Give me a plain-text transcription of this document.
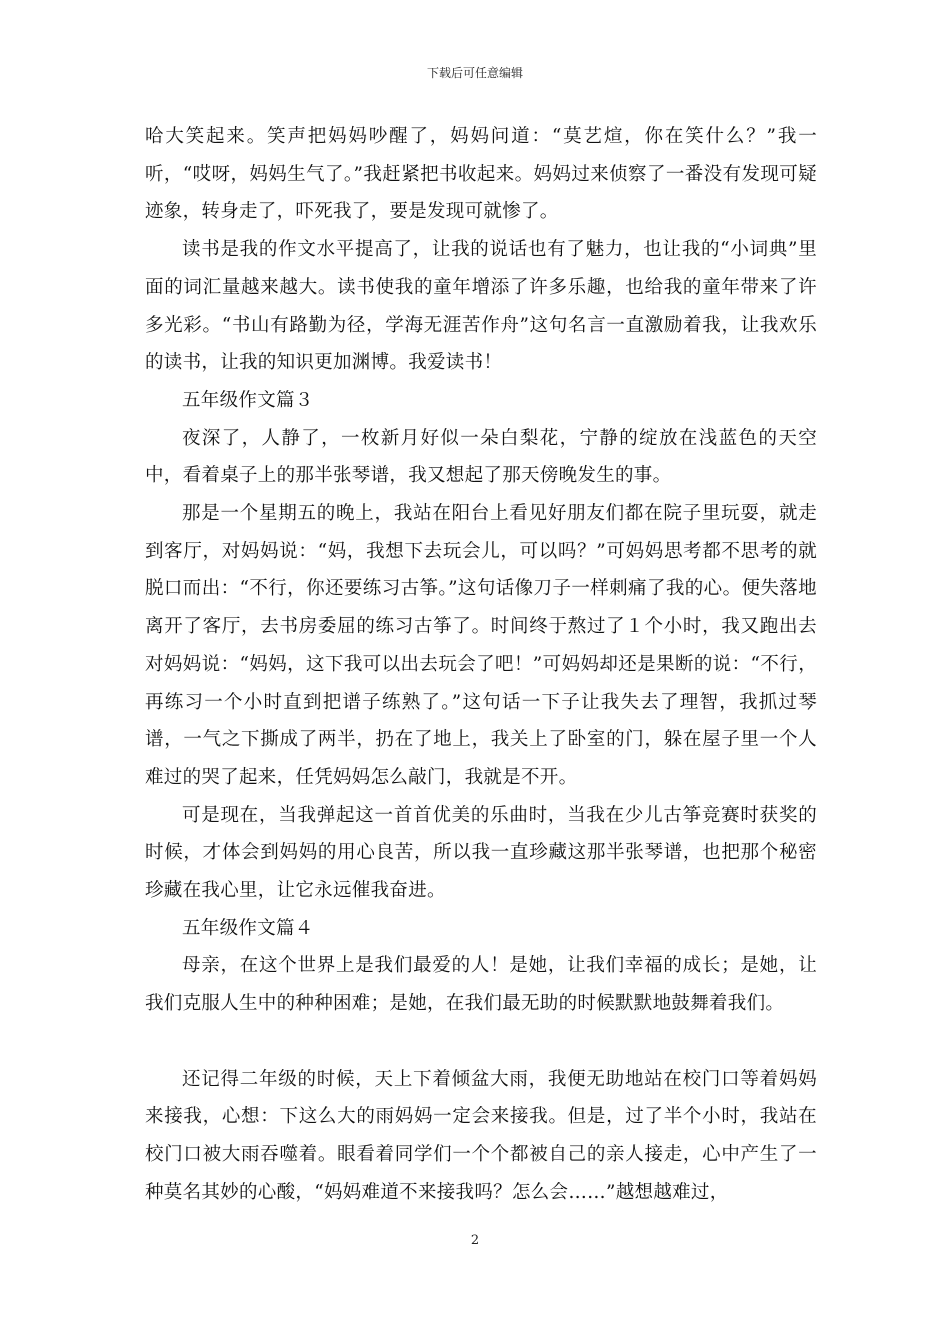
下载后可任意编辑

哈大笑起来。笑声把妈妈吵醒了，妈妈问道：“莫艺煊，你在笑什么？”我一听，“哎呀，妈妈生气了。”我赶紧把书收起来。妈妈过来侦察了一番没有发现可疑迹象，转身走了，吓死我了，要是发现可就惨了。

读书是我的作文水平提高了，让我的说话也有了魅力，也让我的“小词典”里面的词汇量越来越大。读书使我的童年增添了许多乐趣，也给我的童年带来了许多光彩。“书山有路勤为径，学海无涯苦作舟”这句名言一直激励着我，让我欢乐的读书，让我的知识更加渊博。我爱读书！

五年级作文篇３

夜深了，人静了，一枚新月好似一朵白梨花，宁静的绽放在浅蓝色的天空中，看着桌子上的那半张琴谱，我又想起了那天傍晚发生的事。

那是一个星期五的晚上，我站在阳台上看见好朋友们都在院子里玩耍，就走到客厅，对妈妈说：“妈，我想下去玩会儿，可以吗？”可妈妈思考都不思考的就脱口而出：“不行，你还要练习古筝。”这句话像刀子一样刺痛了我的心。便失落地离开了客厅，去书房委屈的练习古筝了。时间终于熬过了１个小时，我又跑出去对妈妈说：“妈妈，这下我可以出去玩会了吧！”可妈妈却还是果断的说：“不行，再练习一个小时直到把谱子练熟了。”这句话一下子让我失去了理智，我抓过琴谱，一气之下撕成了两半，扔在了地上，我关上了卧室的门，躲在屋子里一个人难过的哭了起来，任凭妈妈怎么敲门，我就是不开。

可是现在，当我弹起这一首首优美的乐曲时，当我在少儿古筝竞赛时获奖的时候，才体会到妈妈的用心良苦，所以我一直珍藏这那半张琴谱，也把那个秘密珍藏在我心里，让它永远催我奋进。

五年级作文篇４

母亲，在这个世界上是我们最爱的人！是她，让我们幸福的成长；是她，让我们克服人生中的种种困难；是她，在我们最无助的时候默默地鼓舞着我们。

还记得二年级的时候，天上下着倾盆大雨，我便无助地站在校门口等着妈妈来接我，心想：下这么大的雨妈妈一定会来接我。但是，过了半个小时，我站在校门口被大雨吞噬着。眼看着同学们一个个都被自己的亲人接走，心中产生了一种莫名其妙的心酸，“妈妈难道不来接我吗？怎么会……”越想越难过，

2
